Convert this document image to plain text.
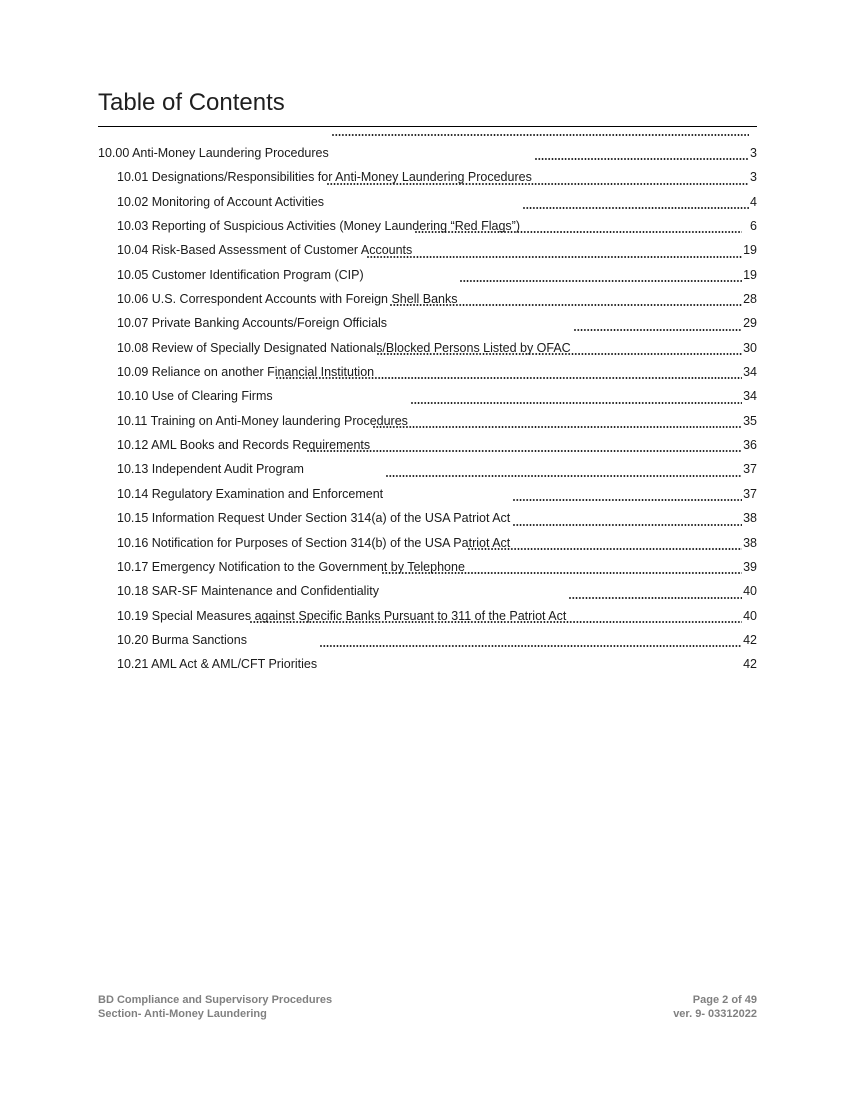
Table of Contents
10.00 Anti-Money Laundering Procedures	3
10.01 Designations/Responsibilities for Anti-Money Laundering Procedures	3
10.02 Monitoring of Account Activities	4
10.03 Reporting of Suspicious Activities (Money Laundering “Red Flags”)	6
10.04 Risk-Based Assessment of Customer Accounts	19
10.05 Customer Identification Program (CIP)	19
10.06 U.S. Correspondent Accounts with Foreign Shell Banks	28
10.07 Private Banking Accounts/Foreign Officials	29
10.08 Review of Specially Designated Nationals/Blocked Persons Listed by OFAC	30
10.09 Reliance on another Financial Institution	34
10.10 Use of Clearing Firms	34
10.11 Training on Anti-Money laundering Procedures	35
10.12 AML Books and Records Requirements	36
10.13 Independent Audit Program	37
10.14 Regulatory Examination and Enforcement	37
10.15 Information Request Under Section 314(a) of the USA Patriot Act	38
10.16 Notification for Purposes of Section 314(b) of the USA Patriot Act	38
10.17 Emergency Notification to the Government by Telephone	39
10.18 SAR-SF Maintenance and Confidentiality	40
10.19 Special Measures against Specific Banks Pursuant to 311 of the Patriot Act	40
10.20 Burma Sanctions	42
10.21 AML Act & AML/CFT Priorities	42
BD Compliance and Supervisory Procedures
Section- Anti-Money Laundering
Page 2 of 49
ver. 9- 03312022
